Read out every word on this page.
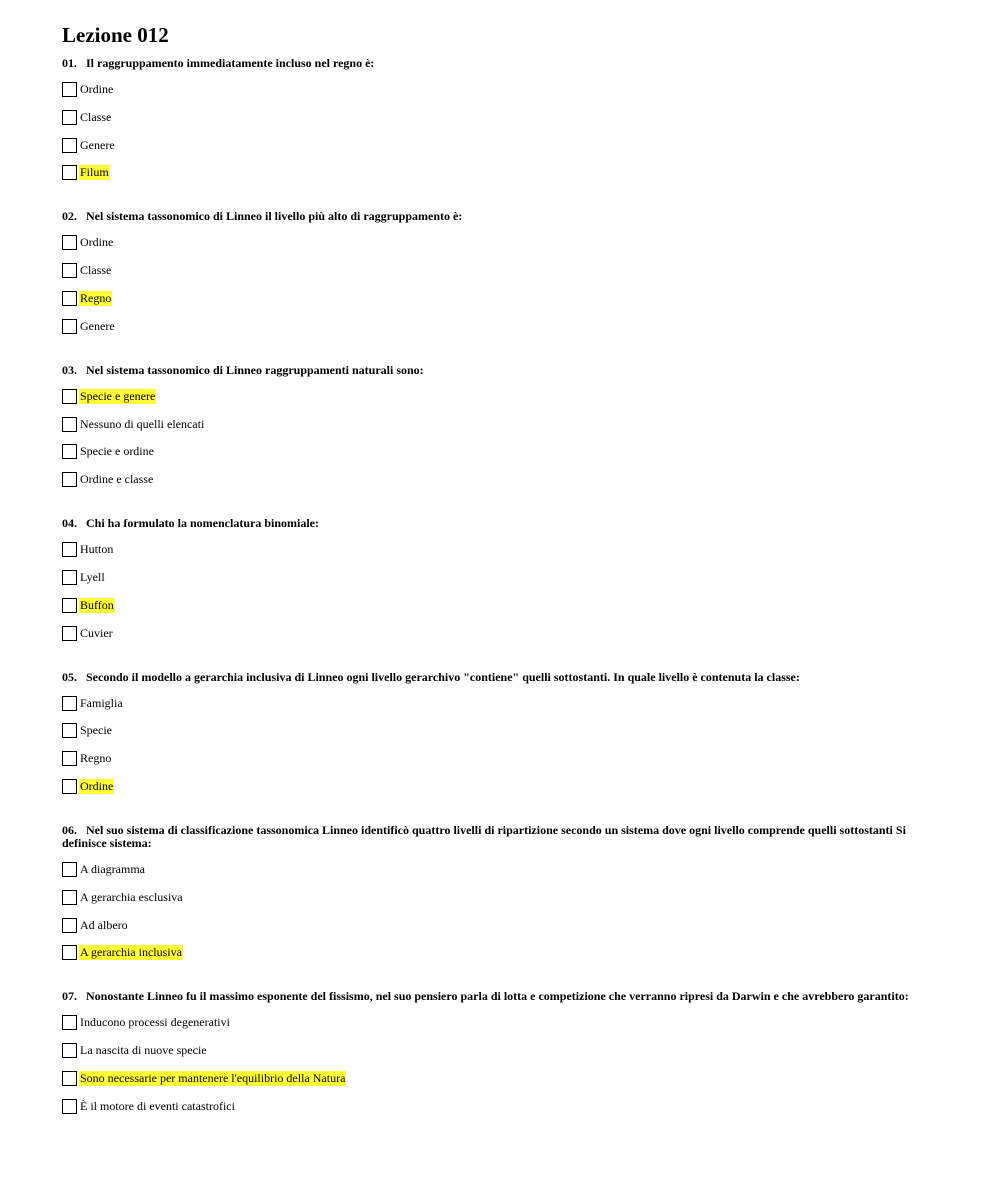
Lezione 012
01. Il raggruppamento immediatamente incluso nel regno è:
Ordine
Classe
Genere
Filum
02. Nel sistema tassonomico di Linneo il livello più alto di raggruppamento è:
Ordine
Classe
Regno
Genere
03. Nel sistema tassonomico di Linneo raggruppamenti naturali sono:
Specie e genere
Nessuno di quelli elencati
Specie e ordine
Ordine e classe
04. Chi ha formulato la nomenclatura binomiale:
Hutton
Lyell
Buffon
Cuvier
05. Secondo il modello a gerarchia inclusiva di Linneo ogni livello gerarchivo "contiene" quelli sottostanti. In quale livello è contenuta la classe:
Famiglia
Specie
Regno
Ordine
06. Nel suo sistema di classificazione tassonomica Linneo identificò quattro livelli di ripartizione secondo un sistema dove ogni livello comprende quelli sottostanti Si definisce sistema:
A diagramma
A gerarchia esclusiva
Ad albero
A gerarchia inclusiva
07. Nonostante Linneo fu il massimo esponente del fissismo, nel suo pensiero parla di lotta e competizione che verranno ripresi da Darwin e che avrebbero garantito:
Inducono processi degenerativi
La nascita di nuove specie
Sono necessarie per mantenere l'equilibrio della Natura
È il motore di eventi catastrofici
